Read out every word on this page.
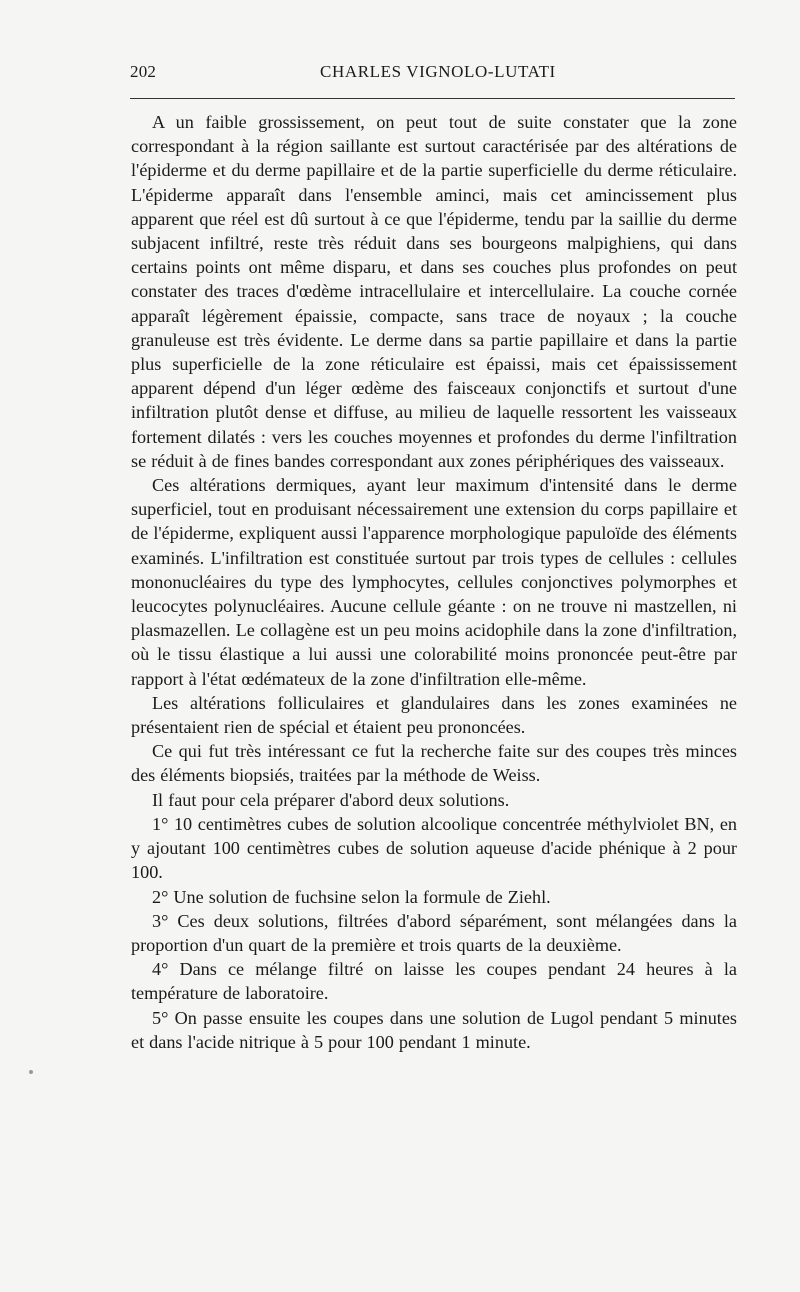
202	CHARLES VIGNOLO-LUTATI

A un faible grossissement, on peut tout de suite constater que la zone correspondant à la région saillante est surtout caractérisée par des altérations de l'épiderme et du derme papillaire et de la partie superficielle du derme réticulaire. L'épiderme apparaît dans l'ensemble aminci, mais cet amincissement plus apparent que réel est dû surtout à ce que l'épiderme, tendu par la saillie du derme subjacent infiltré, reste très réduit dans ses bourgeons malpighiens, qui dans certains points ont même disparu, et dans ses couches plus profondes on peut constater des traces d'œdème intracellulaire et intercellulaire. La couche cornée apparaît légèrement épaissie, compacte, sans trace de noyaux ; la couche granuleuse est très évidente. Le derme dans sa partie papillaire et dans la partie plus superficielle de la zone réticulaire est épaissi, mais cet épaississement apparent dépend d'un léger œdème des faisceaux conjonctifs et surtout d'une infiltration plutôt dense et diffuse, au milieu de laquelle ressortent les vaisseaux fortement dilatés : vers les couches moyennes et profondes du derme l'infiltration se réduit à de fines bandes correspondant aux zones périphériques des vaisseaux.

Ces altérations dermiques, ayant leur maximum d'intensité dans le derme superficiel, tout en produisant nécessairement une extension du corps papillaire et de l'épiderme, expliquent aussi l'apparence morphologique papuloïde des éléments examinés. L'infiltration est constituée surtout par trois types de cellules : cellules mononucléaires du type des lymphocytes, cellules conjonctives polymorphes et leucocytes polynucléaires. Aucune cellule géante : on ne trouve ni mastzellen, ni plasmazellen. Le collagène est un peu moins acidophile dans la zone d'infiltration, où le tissu élastique a lui aussi une colorabilité moins prononcée peut-être par rapport à l'état œdémateux de la zone d'infiltration elle-même.

Les altérations folliculaires et glandulaires dans les zones examinées ne présentaient rien de spécial et étaient peu prononcées.

Ce qui fut très intéressant ce fut la recherche faite sur des coupes très minces des éléments biopsiés, traitées par la méthode de Weiss.

Il faut pour cela préparer d'abord deux solutions.

1° 10 centimètres cubes de solution alcoolique concentrée méthylviolet BN, en y ajoutant 100 centimètres cubes de solution aqueuse d'acide phénique à 2 pour 100.

2° Une solution de fuchsine selon la formule de Ziehl.

3° Ces deux solutions, filtrées d'abord séparément, sont mélangées dans la proportion d'un quart de la première et trois quarts de la deuxième.

4° Dans ce mélange filtré on laisse les coupes pendant 24 heures à la température de laboratoire.

5° On passe ensuite les coupes dans une solution de Lugol pendant 5 minutes et dans l'acide nitrique à 5 pour 100 pendant 1 minute.
